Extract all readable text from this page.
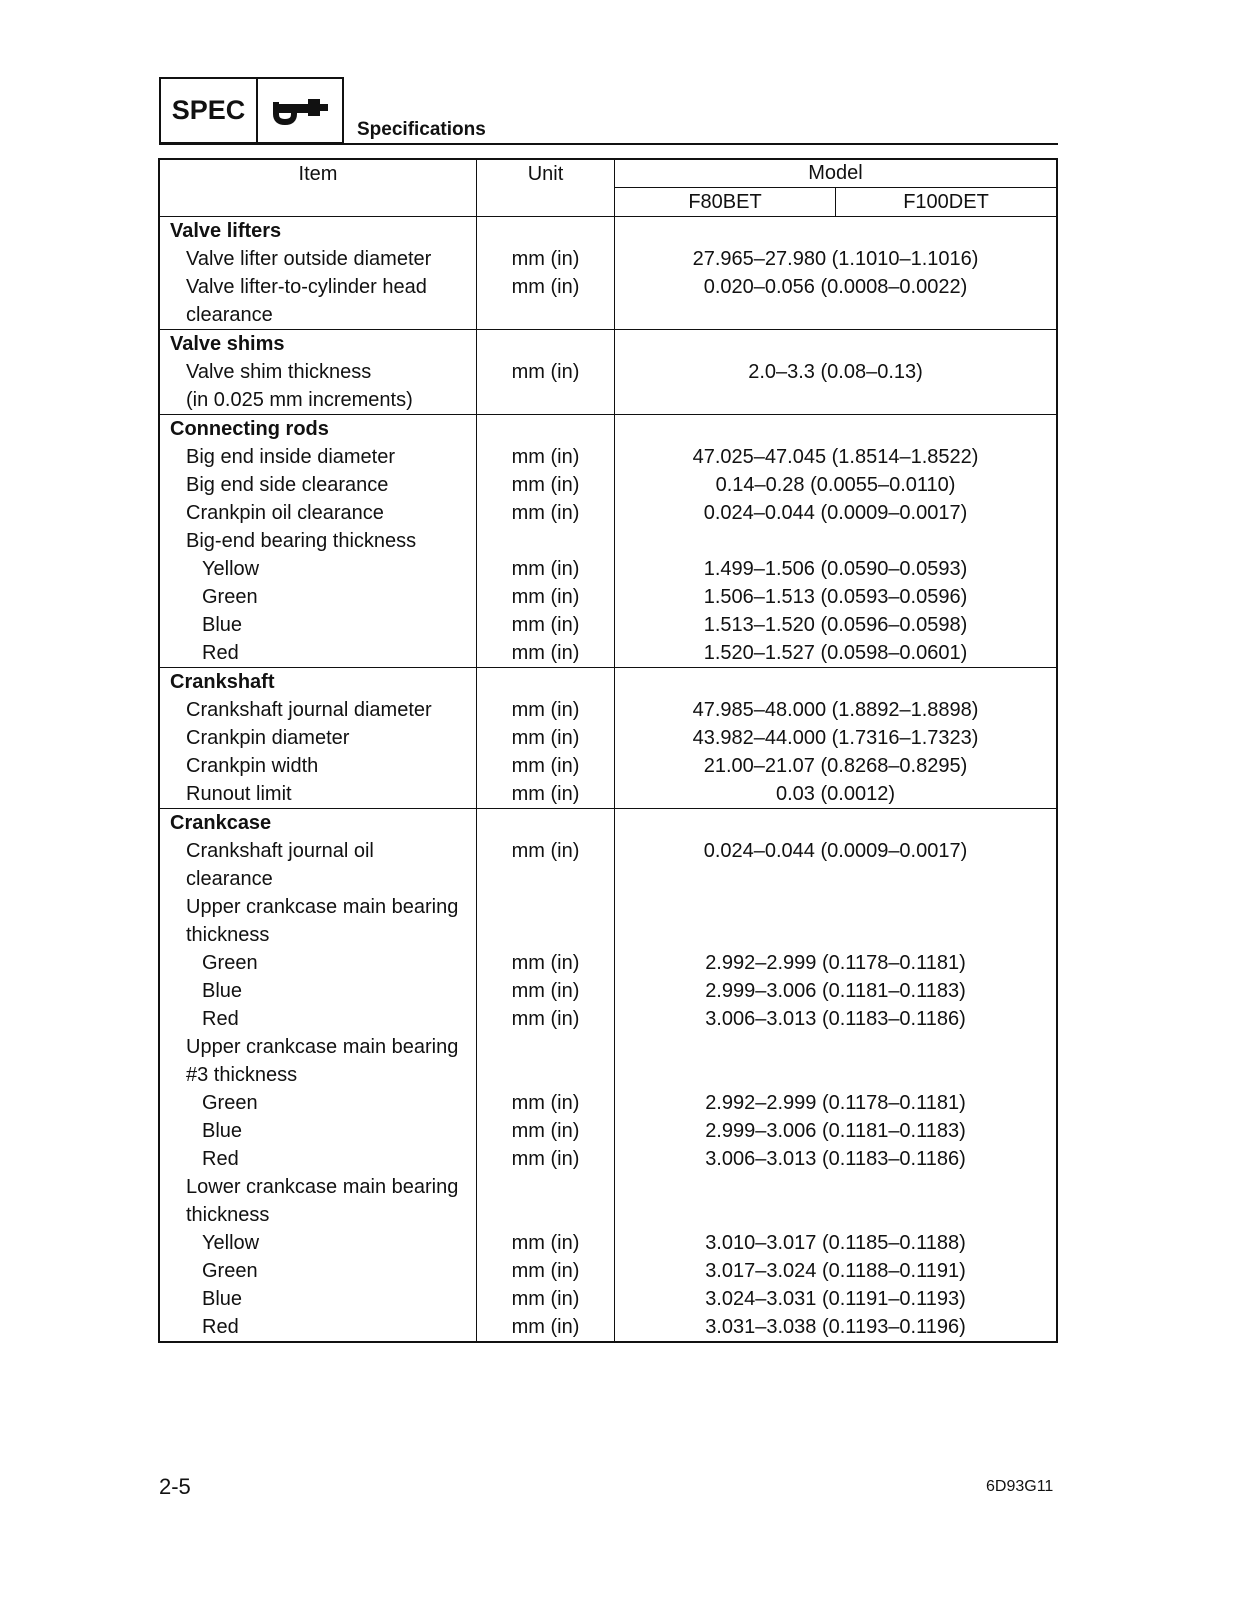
SPEC
Specifications
Item	Unit	Model
F80BET F100DET

Valve lifters		
Valve lifter outside diameter	mm (in)	27.965–27.980 (1.1010–1.1016)
Valve lifter-to-cylinder head	mm (in)	0.020–0.056 (0.0008–0.0022)
clearance		
Valve shims		
Valve shim thickness	mm (in)	2.0–3.3 (0.08–0.13)
(in 0.025 mm increments)		
Connecting rods		
Big end inside diameter	mm (in)	47.025–47.045 (1.8514–1.8522)
Big end side clearance	mm (in)	0.14–0.28 (0.0055–0.0110)
Crankpin oil clearance	mm (in)	0.024–0.044 (0.0009–0.0017)
Big-end bearing thickness		
Yellow	mm (in)	1.499–1.506 (0.0590–0.0593)
Green	mm (in)	1.506–1.513 (0.0593–0.0596)
Blue	mm (in)	1.513–1.520 (0.0596–0.0598)
Red	mm (in)	1.520–1.527 (0.0598–0.0601)
Crankshaft		
Crankshaft journal diameter	mm (in)	47.985–48.000 (1.8892–1.8898)
Crankpin diameter	mm (in)	43.982–44.000 (1.7316–1.7323)
Crankpin width	mm (in)	21.00–21.07 (0.8268–0.8295)
Runout limit	mm (in)	0.03 (0.0012)
Crankcase		
Crankshaft journal oil	mm (in)	0.024–0.044 (0.0009–0.0017)
clearance		
Upper crankcase main bearing		
thickness		
Green	mm (in)	2.992–2.999 (0.1178–0.1181)
Blue	mm (in)	2.999–3.006 (0.1181–0.1183)
Red	mm (in)	3.006–3.013 (0.1183–0.1186)
Upper crankcase main bearing		
#3 thickness		
Green	mm (in)	2.992–2.999 (0.1178–0.1181)
Blue	mm (in)	2.999–3.006 (0.1181–0.1183)
Red	mm (in)	3.006–3.013 (0.1183–0.1186)
Lower crankcase main bearing		
thickness		
Yellow	mm (in)	3.010–3.017 (0.1185–0.1188)
Green	mm (in)	3.017–3.024 (0.1188–0.1191)
Blue	mm (in)	3.024–3.031 (0.1191–0.1193)
Red	mm (in)	3.031–3.038 (0.1193–0.1196)
2-5	6D93G11
